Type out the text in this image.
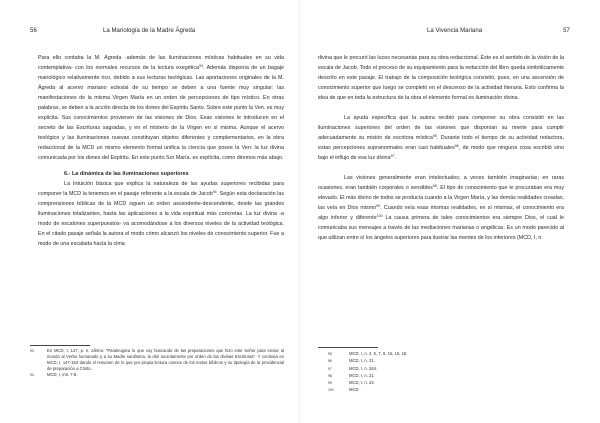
56	La Mariología de la Madre Ágreda

Para ello contaba la M. Ágreda -además de las iluminaciones místicas habituales en su vida contemplativa- con los normales recursos de la lectura exegética$^{93}$. Además disponía de un bagaje mariológico relativamente rico, debido a sus lecturas teológicas. Las aportaciones originales de la M. Ágreda al acervo mariano eclesial de su tiempo se deben a una fuente muy singular: las manifestaciones de la misma Virgen María en un orden de percepciones de tipo místico. En otras palabras, se deben a la acción directa de los dones del Espíritu Santo. Sobre este punto la Ven. es muy explícita. Sus conocimientos provienen de las visiones de Dios. Esas visiones le introducen en el secreto de las Escrituras sagradas, y en el misterio de la Virgen en sí misma. Aunque el acervo teológico y las iluminaciones nuevas constituyan objetos diferentes y complementarios, en la obra redaccional de la MCD un mismo elemento formal unifica la ciencia que posee la Ven: la luz divina comunicada por los dones del Espíritu. En este punto Sor María. es explícita, como diremos más abajo.

6.- La dinámica de las iluminaciones superiores

La Intuición básica que explica la naturaleza de las ayudas superiores recibidas para componer la MCD la tenemos en el pasaje referente a la escala de Jacob$^{94}$. Según esta declaración las comprensiones bíblicas de la MCD siguen un orden ascendente-descendente, desde las grandes iluminaciones totalizantes, hasta las aplicaciones a la vida espiritual más concretas. La luz divina -a modo de escalones superpuestos- va acomodándose a los diversos niveles de la actividad teológica. En el citado pasaje señala la autora el modo cómo alcanzó los niveles de conocimiento superior. Fue a modo de una escalada hacia la cima

93	En MCD, I, 147, p. e. afirma: "Paraleugara lo que voy buscando de las preparaciones que hizo este Señor para enviar al mundo al Verbo humanado y a su Madre santísima, la diré sucintamente por orden de las divinas Escrituras". Y continúa en MCD, I, 147-163 dando el resumen de lo que por propia lectura conoce de los textos bíblicos y su tipología de la providencial de preparación a Cristo.
94	MCD, I, intr. 7-8.
La Vivencia Mariana	57

divina que le procuró las luces necesarias para su obra redaccional. Éste es el sentido de la visión de la escala de Jacob. Todo el proceso de su equipamiento para la redacción del libro queda simbólicamente descrito en este pasaje. El trabajo de la composición teológica consistió, pues, en una ascensión de conocimiento superior que luego se completó en el descenso de la actividad literaria. Esto confirma la idea de que en toda la estructura de la obra el elemento formal es iluminación divina.

La ayuda específica que la autora recibió para componer su obra consistió en las iluminaciones superiores del orden de las visiones que disponían su mente para cumplir adecuadamente su misión de escritora mística$^{95}$. Durante todo el tiempo de su actividad redactora, estas percepciones supranormales eran casi habituales$^{96}$, de modo que ninguna cosa escribió sino bajo el influjo de esa luz divina$^{97}$.

Las visiones generalmente eran intelectuales; a veces también imaginarias; en raras ocasiones, eran también corporales o sensibles$^{98}$. El tipo de conocimiento que le procuraban era muy elevado. El más divino de todos se producía cuando a la Virgen María, y las demás realidades creadas, las veía en Dios mismo$^{99}$. Cuando veía esas mismas realidades, en sí mismas, el conocimiento era algo inferior y diferente$^{100}$ La causa primera de tales conocimientos era siempre Dios, el cual le comunicaba sus mensajes a través de las mediaciones marianas o angélicas. Es un modo parecido al que utilizan entre sí los ángeles superiores para ilustrar las mentes de los inferiores (MCD, I, n.

95	MCD, I, n. 2, 5, 7, 8, 15, 16, 18.
96	MCD, I, n. 21.
97	MCD, I, n. 264.
98	MCD, I, n. 21
99	MCD, I, n. 22.
100	MCD
